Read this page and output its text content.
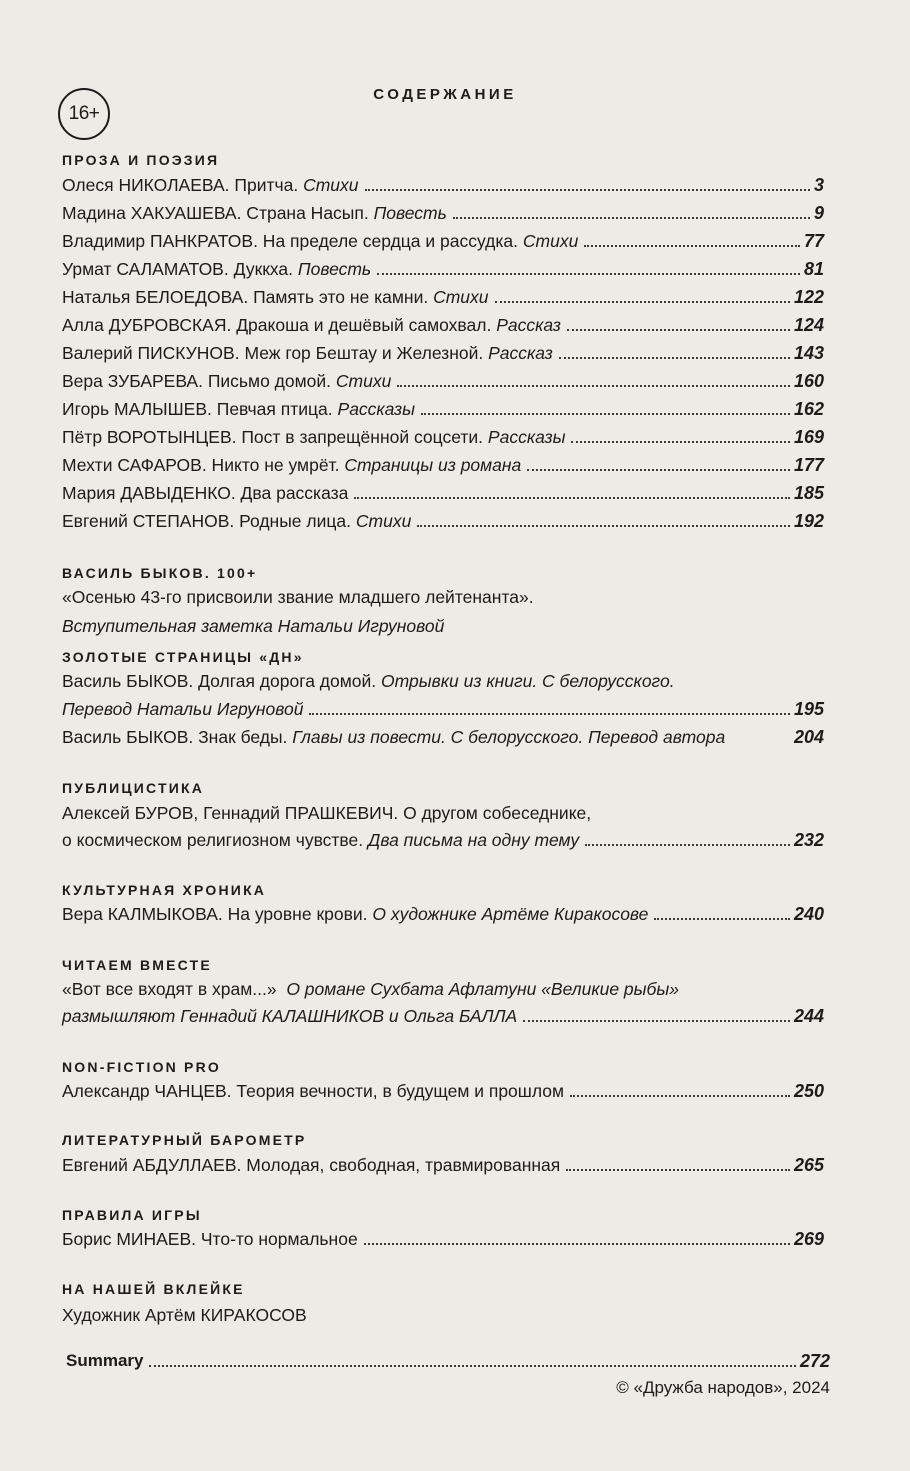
16+
СОДЕРЖАНИЕ
ПРОЗА И ПОЭЗИЯ
Олеся НИКОЛАЕВА. Притча. Стихи	3
Мадина ХАКУАШЕВА. Страна Насып. Повесть	9
Владимир ПАНКРАТОВ. На пределе сердца и рассудка. Стихи	77
Урмат САЛАМАТОВ. Дуккха. Повесть	81
Наталья БЕЛОЕДОВА. Память это не камни. Стихи	122
Алла ДУБРОВСКАЯ. Дракоша и дешёвый самохвал. Рассказ	124
Валерий ПИСКУНОВ. Меж гор Бештау и Железной. Рассказ	143
Вера ЗУБАРЕВА. Письмо домой. Стихи	160
Игорь МАЛЫШЕВ. Певчая птица. Рассказы	162
Пётр ВОРОТЫНЦЕВ. Пост в запрещённой соцсети. Рассказы	169
Мехти САФАРОВ. Никто не умрёт. Страницы из романа	177
Мария ДАВЫДЕНКО. Два рассказа	185
Евгений СТЕПАНОВ. Родные лица. Стихи	192
ВАСИЛЬ БЫКОВ. 100+
«Осенью 43-го присвоили звание младшего лейтенанта».
Вступительная заметка Натальи Игруновой
ЗОЛОТЫЕ СТРАНИЦЫ «ДН»
Василь БЫКОВ. Долгая дорога домой. Отрывки из книги. С белорусского.
Перевод Натальи Игруновой	195
Василь БЫКОВ. Знак беды. Главы из повести. С белорусского. Перевод автора	204
ПУБЛИЦИСТИКА
Алексей БУРОВ, Геннадий ПРАШКЕВИЧ. О другом собеседнике,
о космическом религиозном чувстве. Два письма на одну тему	232
КУЛЬТУРНАЯ ХРОНИКА
Вера КАЛМЫКОВА. На уровне крови. О художнике Артёме Киракосове	240
ЧИТАЕМ ВМЕСТЕ
«Вот все входят в храм...» О романе Сухбата Афлатуни «Великие рыбы»
размышляют Геннадий КАЛАШНИКОВ и Ольга БАЛЛА	244
NON-FICTION PRO
Александр ЧАНЦЕВ. Теория вечности, в будущем и прошлом	250
ЛИТЕРАТУРНЫЙ БАРОМЕТР
Евгений АБДУЛЛАЕВ. Молодая, свободная, травмированная	265
ПРАВИЛА ИГРЫ
Борис МИНАЕВ. Что-то нормальное	269
НА НАШЕЙ ВКЛЕЙКЕ
Художник Артём КИРАКОСОВ
Summary	272
© «Дружба народов», 2024
